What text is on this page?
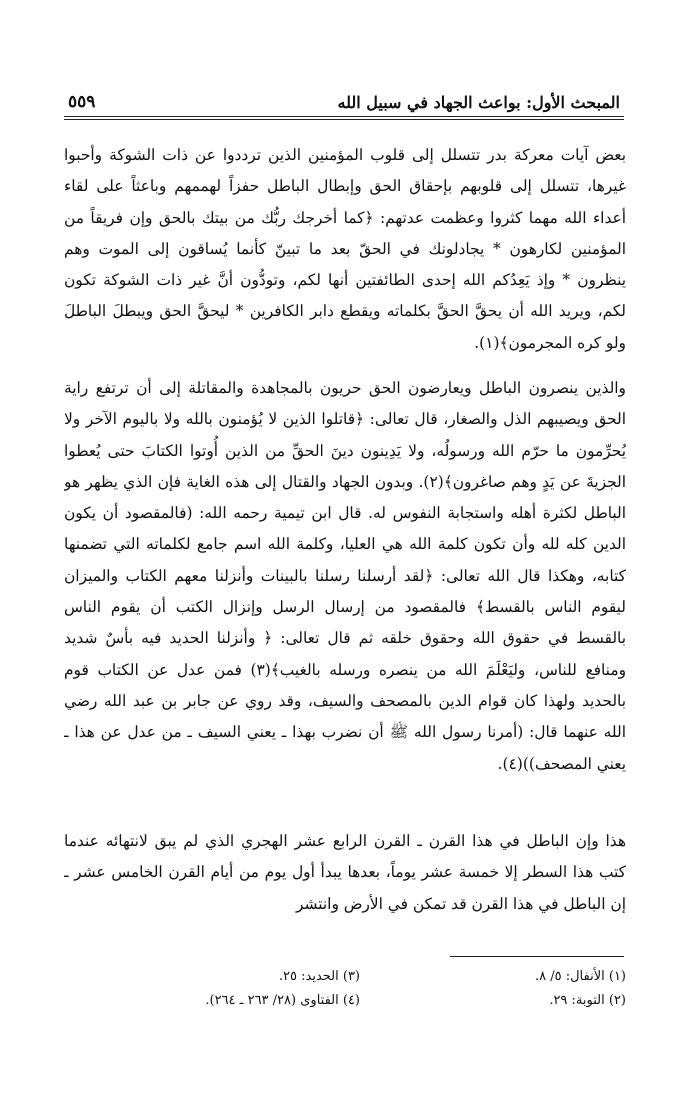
المبحث الأول: بواعث الجهاد في سبيل الله
٥٥٩

بعض آيات معركة بدر تتسلل إلى قلوب المؤمنين الذين ترددوا عن ذات الشوكة وأحبوا غيرها، تتسلل إلى قلوبهم بإحقاق الحق وإبطال الباطل حفزاً لهممهم وباعثاً على لقاء أعداء الله مهما كثروا وعظمت عدتهم: ﴿كما أخرجك ربُّك من بيتك بالحق وإن فريقاً من المؤمنين لكارهون * يجادلونك في الحقّ بعد ما تبينّ كأنما يُساقون إلى الموت وهم ينظرون * وإذ يَعِدُكم الله إحدى الطائفتين أنها لكم، وتودُّون أنَّ غير ذات الشوكة تكون لكم، ويريد الله أن يحقَّ الحقَّ بكلماته ويقطع دابر الكافرين * ليحقَّ الحق ويبطلَ الباطلَ ولو كره المجرمون﴾(١).

والذين ينصرون الباطل ويعارضون الحق حريون بالمجاهدة والمقاتلة إلى أن ترتفع راية الحق ويصيبهم الذل والصغار، قال تعالى: ﴿قاتلوا الذين لا يُؤمنون بالله ولا باليوم الآخر ولا يُحرِّمون ما حرّم الله ورسولُه، ولا يَدِينون دينَ الحقِّ من الذين أُوتوا الكتابَ حتى يُعطوا الجزيةَ عن يَدٍ وهم صاغرون﴾(٢). وبدون الجهاد والقتال إلى هذه الغاية فإن الذي يظهر هو الباطل لكثرة أهله واستجابة النفوس له. قال ابن تيمية رحمه الله: (فالمقصود أن يكون الدين كله لله وأن تكون كلمة الله هي العليا، وكلمة الله اسم جامع لكلماته التي تضمنها كتابه، وهكذا قال الله تعالى: ﴿لقد أرسلنا رسلنا بالبينات وأنزلنا معهم الكتاب والميزان ليقوم الناس بالقسط﴾ فالمقصود من إرسال الرسل وإنزال الكتب أن يقوم الناس بالقسط في حقوق الله وحقوق خلقه ثم قال تعالى: ﴿ وأنزلنا الحديد فيه بأسٌ شديد ومنافع للناس، وليَعْلَمَ الله من ينصره ورسله بالغيب﴾(٣) فمن عدل عن الكتاب قوم بالحديد ولهذا كان قوام الدين بالمصحف والسيف، وقد روي عن جابر بن عبد الله رضي الله عنهما قال: (أمرنا رسول الله ﷺ أن نضرب بهذا ـ يعني السيف ـ من عدل عن هذا ـ يعني المصحف))(٤).

هذا وإن الباطل في هذا القرن ـ القرن الرابع عشر الهجري الذي لم يبق لانتهائه عندما كتب هذا السطر إلا خمسة عشر يوماً، بعدها يبدأ أول يوم من أيام القرن الخامس عشر ـ إن الباطل في هذا القرن قد تمكن في الأرض وانتشر

(١) الأنفال: ٥/ ٨.
(٣) الحديد: ٢٥.
(٢) التوبة: ٢٩.
(٤) الفتاوى (٢٨/ ٢٦٣ ـ ٢٦٤).
